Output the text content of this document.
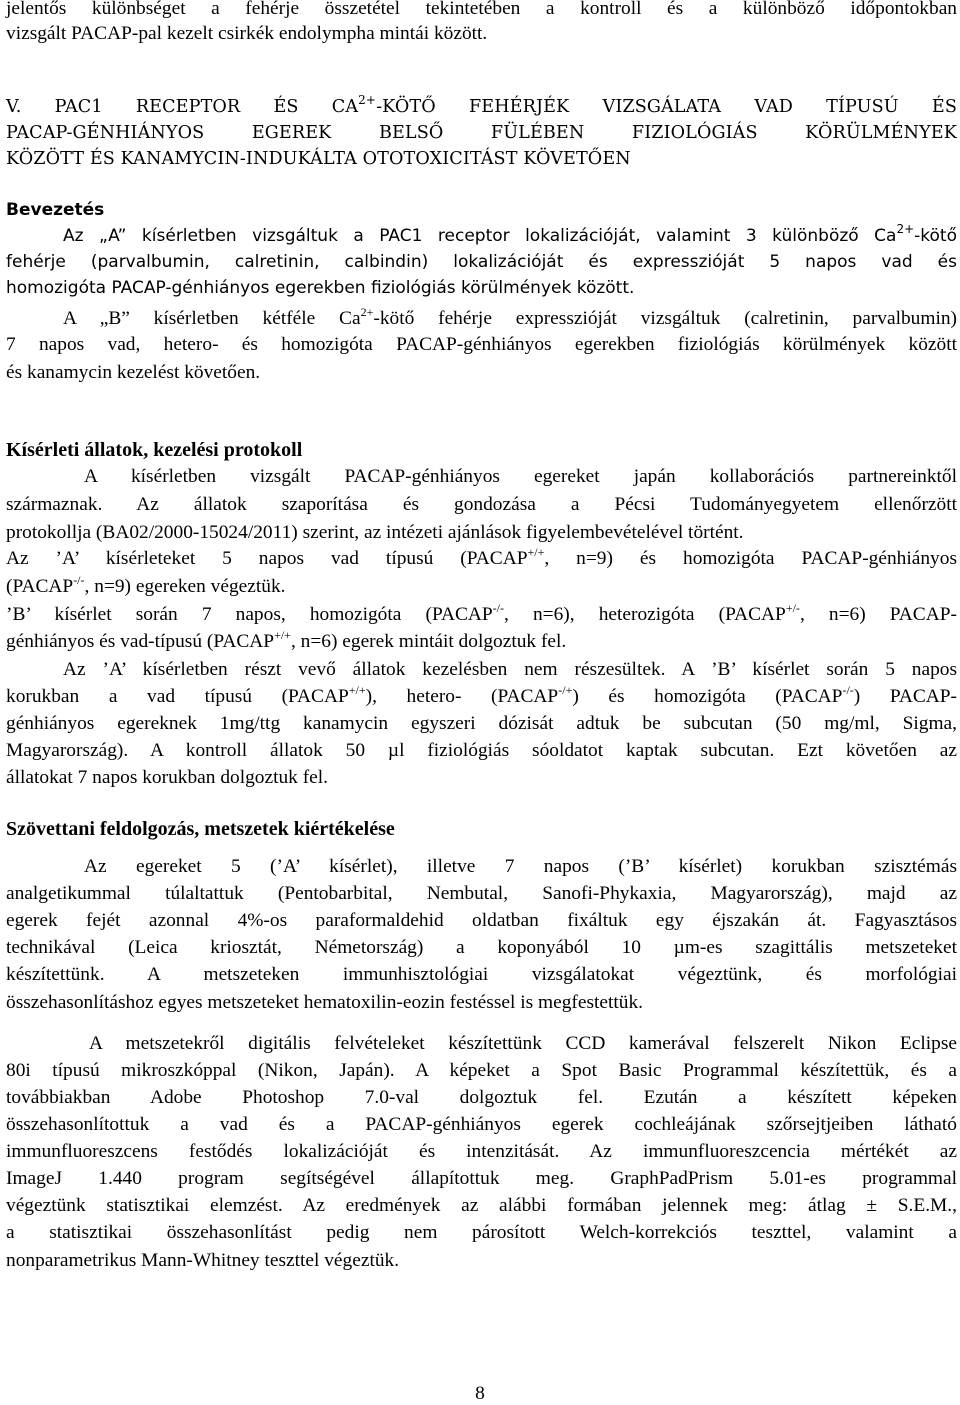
jelentős különbséget a fehérje összetétel tekintetében a kontroll és a különböző időpontokban
vizsgált PACAP-pal kezelt csirkék endolympha mintái között.
V. PAC1 RECEPTOR ÉS $CA^{2+}$-KÖTŐ FEHÉRJÉK VIZSGÁLATA VAD TÍPUSÚ ÉS
PACAP-GÉNHIÁNYOS EGEREK BELSŐ FÜLÉBEN FIZIOLÓGIÁS KÖRÜLMÉNYEK
KÖZÖTT ÉS KANAMYCIN-INDUKÁLTA OTOTOXICITÁST KÖVETŐEN
Bevezetés
Az „A” kísérletben vizsgáltuk a PAC1 receptor lokalizációját, valamint 3 különböző $Ca^{2+}$-kötő
fehérje (parvalbumin, calretinin, calbindin) lokalizációját és expresszióját 5 napos vad és
homozigóta PACAP-génhiányos egerekben fiziológiás körülmények között.
A „B” kísérletben kétféle $Ca^{2+}$-kötő fehérje expresszióját vizsgáltuk (calretinin, parvalbumin)
7 napos vad, hetero- és homozigóta PACAP-génhiányos egerekben fiziológiás körülmények között
és kanamycin kezelést követően.
Kísérleti állatok, kezelési protokoll
A kísérletben vizsgált PACAP-génhiányos egereket japán kollaborációs partnereinktől
származnak. Az állatok szaporítása és gondozása a Pécsi Tudományegyetem ellenőrzött
protokollja (BA02/2000-15024/2011) szerint, az intézeti ajánlások figyelembevételével történt.
Az ’A’ kísérleteket 5 napos vad típusú (PACAP+/+, n=9) és homozigóta PACAP-génhiányos
(PACAP-/-, n=9) egereken végeztük.
’B’ kísérlet során 7 napos, homozigóta (PACAP-/-, n=6), heterozigóta (PACAP+/-, n=6) PACAP-
génhiányos és vad-típusú (PACAP+/+, n=6) egerek mintáit dolgoztuk fel.
Az ’A’ kísérletben részt vevő állatok kezelésben nem részesültek. A ’B’ kísérlet során 5 napos
korukban a vad típusú (PACAP+/+), hetero- (PACAP-/+) és homozigóta (PACAP-/-) PACAP-
génhiányos egereknek 1mg/ttg kanamycin egyszeri dózisát adtuk be subcutan (50 mg/ml, Sigma,
Magyarország). A kontroll állatok 50 µl fiziológiás sóoldatot kaptak subcutan. Ezt követően az
állatokat 7 napos korukban dolgoztuk fel.
Szövettani feldolgozás, metszetek kiértékelése
Az egereket 5 (’A’ kísérlet), illetve 7 napos (’B’ kísérlet) korukban szisztémás
analgetikummal túlaltattuk (Pentobarbital, Nembutal, Sanofi-Phykaxia, Magyarország), majd az
egerek fejét azonnal 4%-os paraformaldehid oldatban fixáltuk egy éjszakán át. Fagyasztásos
technikával (Leica kriosztát, Németország) a koponyából 10 µm-es szagittális metszeteket
készítettünk. A metszeteken immunhisztológiai vizsgálatokat végeztünk, és morfológiai
összehasonlításhoz egyes metszeteket hematoxilin-eozin festéssel is megfestettük.
A metszetekről digitális felvételeket készítettünk CCD kamerával felszerelt Nikon Eclipse
80i típusú mikroszkóppal (Nikon, Japán). A képeket a Spot Basic Programmal készítettük, és a
továbbiakban Adobe Photoshop 7.0-val dolgoztuk fel. Ezután a készített képeken
összehasonlítottuk a vad és a PACAP-génhiányos egerek cochleájának szőrsejtjeiben látható
immunfluoreszcens festődés lokalizációját és intenzitását. Az immunfluoreszcencia mértékét az
ImageJ 1.440 program segítségével állapítottuk meg. GraphPadPrism 5.01-es programmal
végeztünk statisztikai elemzést. Az eredmények az alábbi formában jelennek meg: átlag ± S.E.M.,
a statisztikai összehasonlítást pedig nem párosított Welch-korrekciós teszttel, valamint a
nonparametrikus Mann-Whitney teszttel végeztük.
8
